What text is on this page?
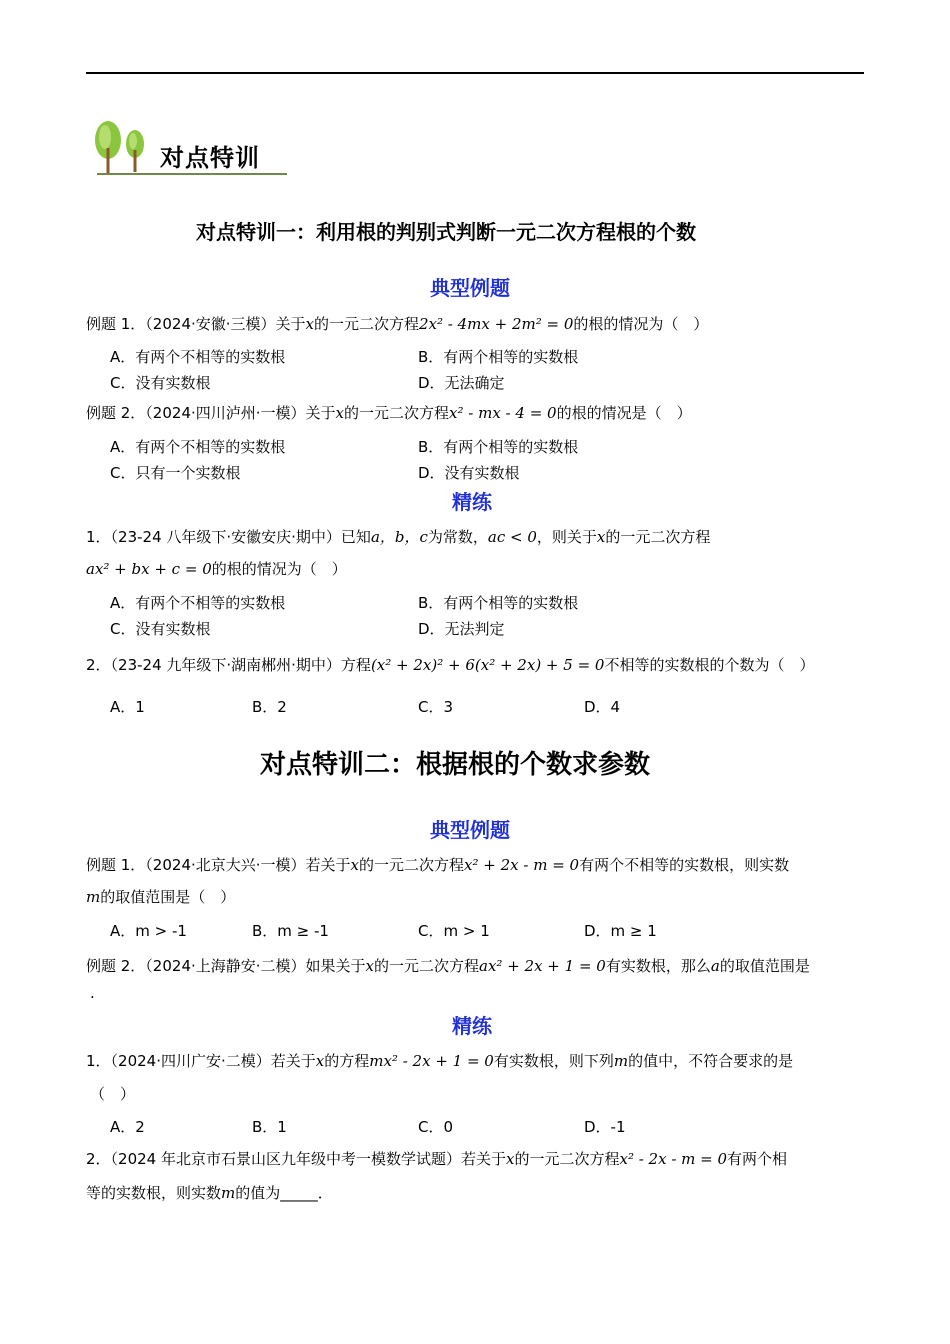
对点特训
对点特训一：利用根的判别式判断一元二次方程根的个数
典型例题
例题 1．（2024·安徽·三模）关于x的一元二次方程2x² - 4mx + 2m² = 0的根的情况为（　）
A．有两个不相等的实数根	B．有两个相等的实数根
C．没有实数根	D．无法确定
例题 2．（2024·四川泸州·一模）关于x的一元二次方程x² - mx - 4 = 0的根的情况是（　）
A．有两个不相等的实数根	B．有两个相等的实数根
C．只有一个实数根	D．没有实数根
精练
1．（23-24 八年级下·安徽安庆·期中）已知a，b，c为常数，ac < 0，则关于x的一元二次方程
ax² + bx + c = 0的根的情况为（　）
A．有两个不相等的实数根	B．有两个相等的实数根
C．没有实数根	D．无法判定
2．（23-24 九年级下·湖南郴州·期中）方程(x² + 2x)² + 6(x² + 2x) + 5 = 0不相等的实数根的个数为（　）
A．1	B．2	C．3	D．4
对点特训二：根据根的个数求参数
典型例题
例题 1．（2024·北京大兴·一模）若关于x的一元二次方程x² + 2x - m = 0有两个不相等的实数根，则实数
m的取值范围是（　）
A．m > -1	B．m ≥ -1	C．m > 1	D．m ≥ 1
例题 2．（2024·上海静安·二模）如果关于x的一元二次方程ax² + 2x + 1 = 0有实数根，那么a的取值范围是
.
精练
1．（2024·四川广安·二模）若关于x的方程mx² - 2x + 1 = 0有实数根，则下列m的值中，不符合要求的是
（　）
A．2	B．1	C．0	D．-1
2．（2024 年北京市石景山区九年级中考一模数学试题）若关于x的一元二次方程x² - 2x - m = 0有两个相
等的实数根，则实数m的值为_____．
